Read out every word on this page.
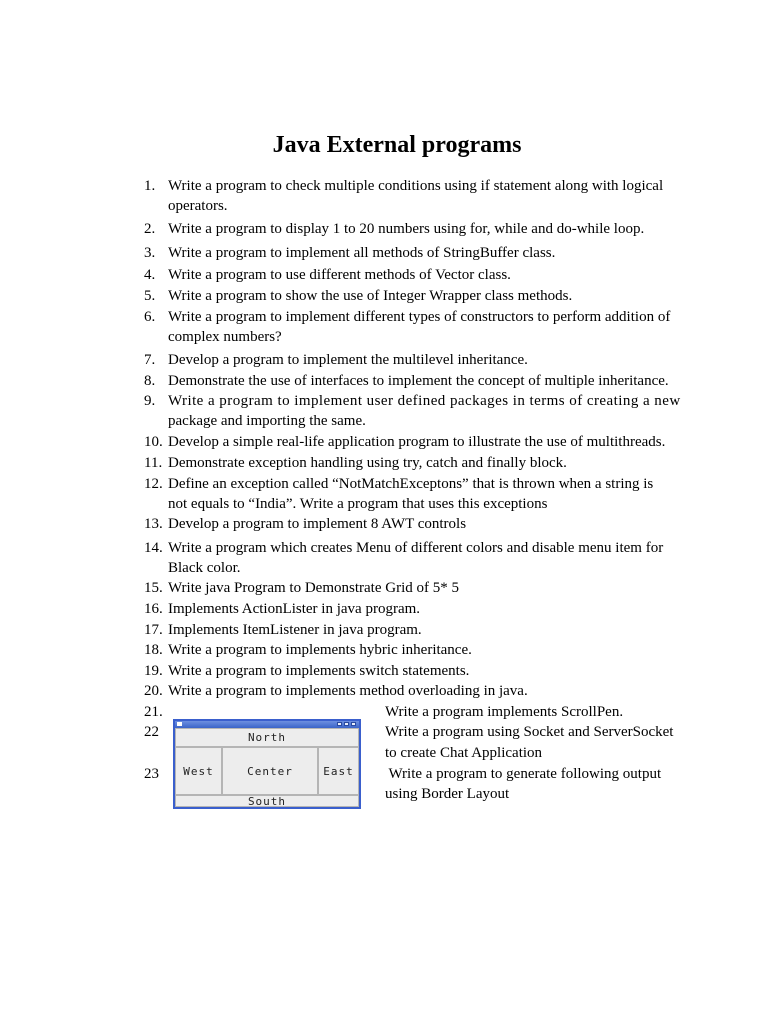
Java External programs
1. Write a program to check multiple conditions using if statement along with logical
operators.
2. Write a program to display 1 to 20 numbers using for, while and do-while loop.
3. Write a program to implement all methods of StringBuffer class.
4. Write a program to use different methods of Vector class.
5. Write a program to show the use of Integer Wrapper class methods.
6. Write a program to implement different types of constructors to perform addition of
complex numbers?
7. Develop a program to implement the multilevel inheritance.
8. Demonstrate the use of interfaces to implement the concept of multiple inheritance.
9. Write a program to implement user defined packages in terms of creating a new
package and importing the same.
10. Develop a simple real-life application program to illustrate the use of multithreads.
11. Demonstrate exception handling using try, catch and finally block.
12. Define an exception called “NotMatchExceptons” that is thrown when a string is
not equals to “India”. Write a program that uses this exceptions
13. Develop a program to implement 8 AWT controls
14. Write a program which creates Menu of different colors and disable menu item for
Black color.
15. Write java Program to Demonstrate Grid of 5* 5
16. Implements ActionLister in java program.
17. Implements ItemListener in java program.
18. Write a program to implements hybric inheritance.
19. Write a program to implements switch statements.
20. Write a program to implements method overloading in java.
21.	Write a program implements ScrollPen.
22	Write a program using Socket and ServerSocket
to create Chat Application
23	Write a program to generate following output
using Border Layout
North
West	Center	East
South
